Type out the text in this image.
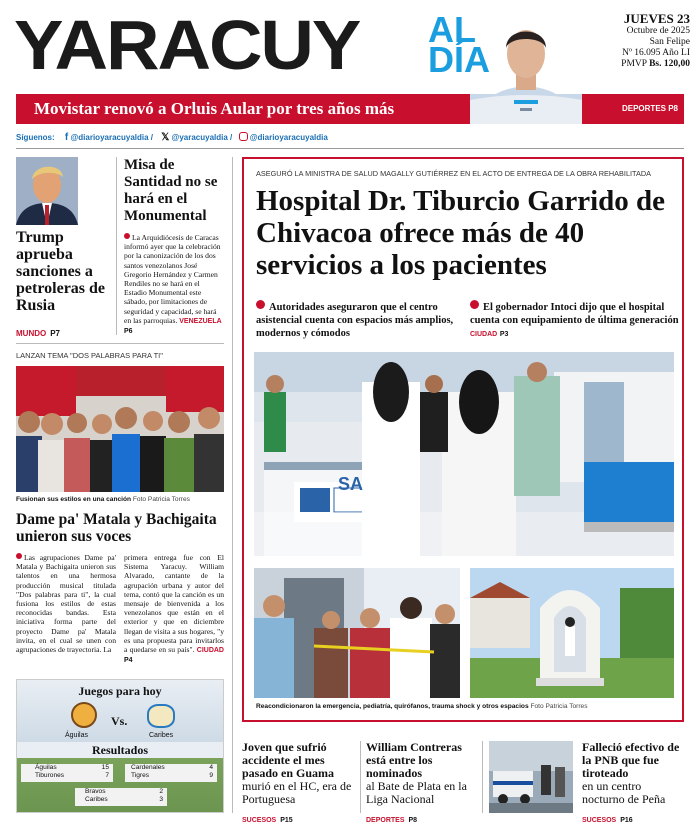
YARACUY AL
DÍA
JUEVES 23
Octubre de 2025
San Felipe
Nº 16.095 Año LI
PMVP Bs. 120,00
Movistar renovó a Orluis Aular por tres años más	DEPORTES P8
Síguenos: f @diarioyaracuyaldia / 𝕏 @yaracuyaldia / @diarioyaracuyaldia
Trump aprueba sanciones a petroleras de Rusia
MUNDO P7
Misa de Santidad no se hará en el Monumental
La Arquidiócesis de Caracas informó ayer que la celebración por la canonización de los dos santos venezolanos José Gregorio Hernández y Carmen Rendiles no se hará en el Estadio Monumental este sábado, por limitaciones de seguridad y capacidad, se hará en las parroquias. VENEZUELA P6
LANZAN TEMA "DOS PALABRAS PARA TI"
Fusionan sus estilos en una canción Foto Patricia Torres
Dame pa' Matala y Bachigaita unieron sus voces
Las agrupaciones Dame pa' Matala y Bachigaita unieron sus talentos en una hermosa producción musical titulada "Dos palabras para ti", la cual fusiona los estilos de estas reconocidas bandas. Esta iniciativa forma parte del proyecto Dame pa' Matala invita, en el cual se unen con agrupaciones de trayectoria. La
primera entrega fue con El Sistema Yaracuy. William Alvarado, cantante de la agrupación urbana y autor del tema, contó que la canción es un mensaje de bienvenida a los venezolanos que están en el exterior y que en diciembre llegan de visita a sus hogares, "y es una propuesta para invitarlos a quedarse en su país". CIUDAD P4
Juegos para hoy
Águilas
Vs.
Caribes
Resultados
Águilas	15
Tiburones	7
Cardenales	4
Tigres	9
Bravos	2
Caribes	3
ASEGURÓ LA MINISTRA DE SALUD MAGALLY GUTIÉRREZ EN EL ACTO DE ENTREGA DE LA OBRA REHABILITADA
Hospital Dr. Tiburcio Garrido de Chivacoa ofrece más de 40 servicios a los pacientes
Autoridades aseguraron que el centro asistencial cuenta con espacios más amplios, modernos y cómodos
El gobernador Intoci dijo que el hospital cuenta con equipamiento de última generación CIUDAD P3
SA
Reacondicionaron la emergencia, pediatría, quirófanos, trauma shock y otros espacios Foto Patricia Torres
Joven que sufrió accidente el mes pasado en Guama
murió en el HC, era de Portuguesa
SUCESOS P15
William Contreras está entre los nominados
al Bate de Plata en la Liga Nacional
DEPORTES P8
Falleció efectivo de la PNB que fue tiroteado
en un centro nocturno de Peña
SUCESOS P16
